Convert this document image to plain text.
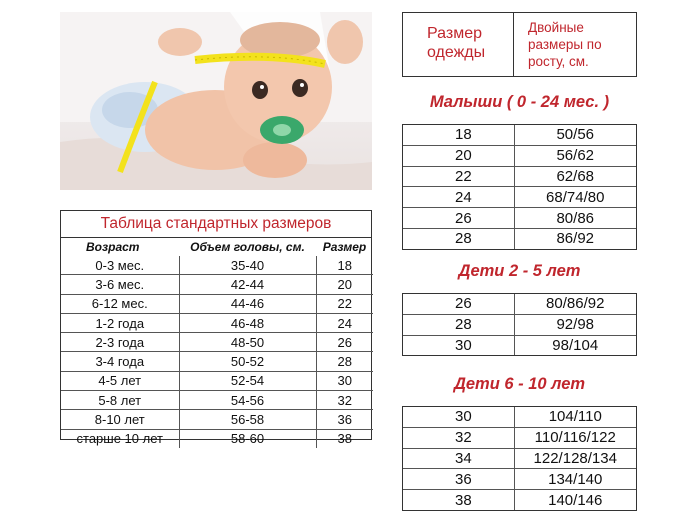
Таблица стандартных размеров
Возраст	Объем головы, см.	Размер
0-3 мес.	35-40	18
3-6 мес.	42-44	20
6-12 мес.	44-46	22
1-2 года	46-48	24
2-3 года	48-50	26
3-4 года	50-52	28
4-5 лет	52-54	30
5-8 лет	54-56	32
8-10 лет	56-58	36
старше 10 лет	58-60	38
Размер одежды
Двойные размеры по росту, см.
Малыши ( 0 - 24 мес. )
18	50/56
20	56/62
22	62/68
24	68/74/80
26	80/86
28	86/92
Дети 2 - 5 лет
26	80/86/92
28	92/98
30	98/104
Дети 6 - 10 лет
30	104/110
32	110/116/122
34	122/128/134
36	134/140
38	140/146
